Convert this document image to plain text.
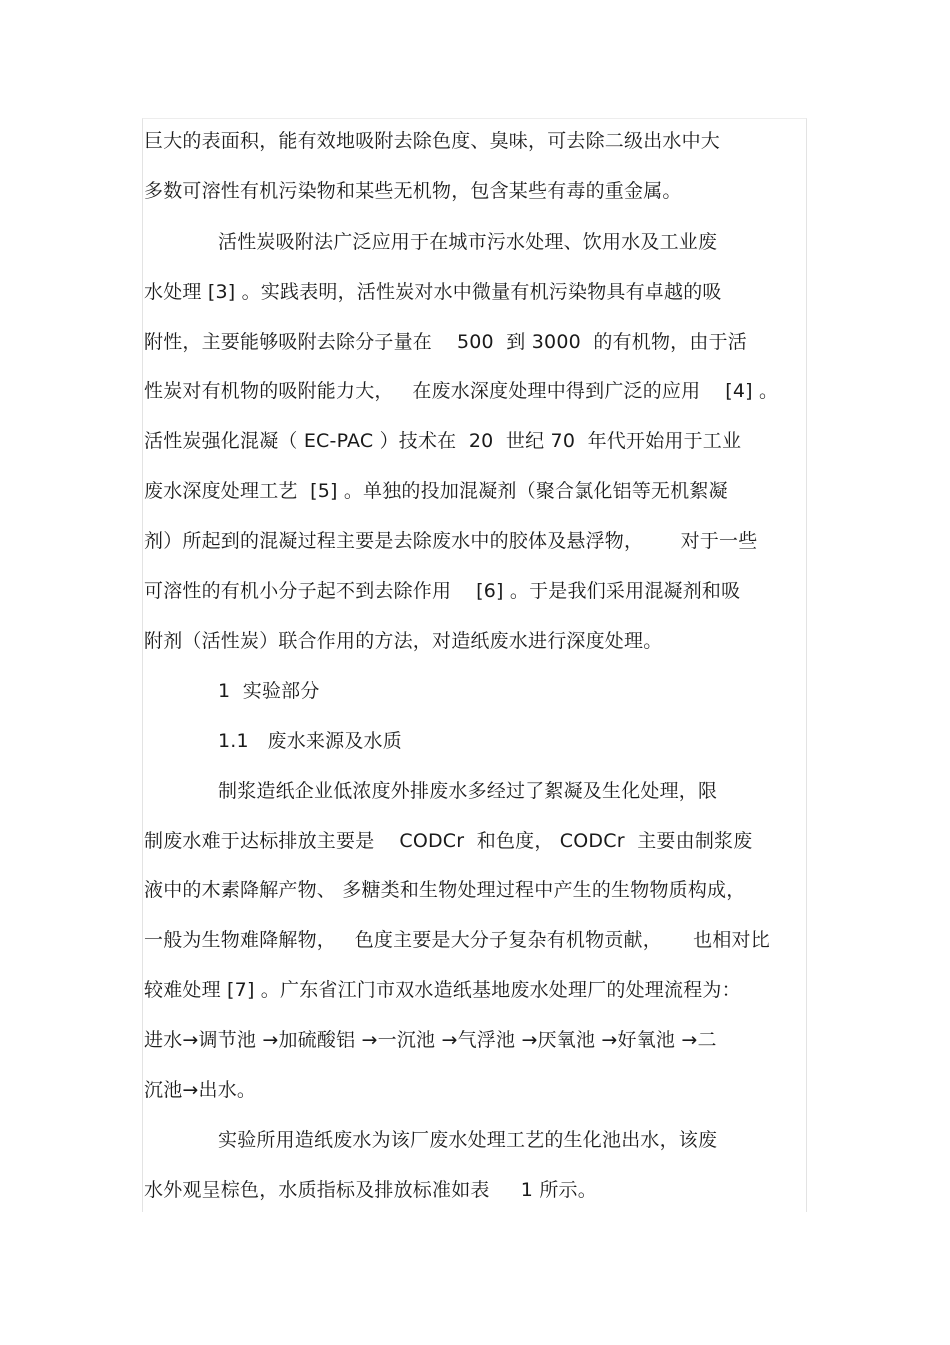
巨大的表面积，能有效地吸附去除色度、臭味，可去除二级出水中大
多数可溶性有机污染物和某些无机物，包含某些有毒的重金属。
活性炭吸附法广泛应用于在城市污水处理、饮用水及工业废
水处理 [3] 。实践表明，活性炭对水中微量有机污染物具有卓越的吸
附性，主要能够吸附去除分子量在    500  到 3000  的有机物，由于活
性炭对有机物的吸附能力大，   在废水深度处理中得到广泛的应用    [4] 。
活性炭强化混凝（ EC-PAC ）技术在  20  世纪 70  年代开始用于工业
废水深度处理工艺  [5] 。单独的投加混凝剂（聚合氯化铝等无机絮凝
剂）所起到的混凝过程主要是去除废水中的胶体及悬浮物，      对于一些
可溶性的有机小分子起不到去除作用    [6] 。于是我们采用混凝剂和吸
附剂（活性炭）联合作用的方法，对造纸废水进行深度处理。
1  实验部分
1.1   废水来源及水质
制浆造纸企业低浓度外排废水多经过了絮凝及生化处理，限
制废水难于达标排放主要是    CODCr  和色度， CODCr  主要由制浆废
液中的木素降解产物、 多糖类和生物处理过程中产生的生物物质构成，
一般为生物难降解物，   色度主要是大分子复杂有机物贡献，     也相对比
较难处理 [7] 。广东省江门市双水造纸基地废水处理厂的处理流程为：
进水→调节池 →加硫酸铝 →一沉池 →气浮池 →厌氧池 →好氧池 →二
沉池→出水。
实验所用造纸废水为该厂废水处理工艺的生化池出水，该废
水外观呈棕色，水质指标及排放标准如表     1 所示。
